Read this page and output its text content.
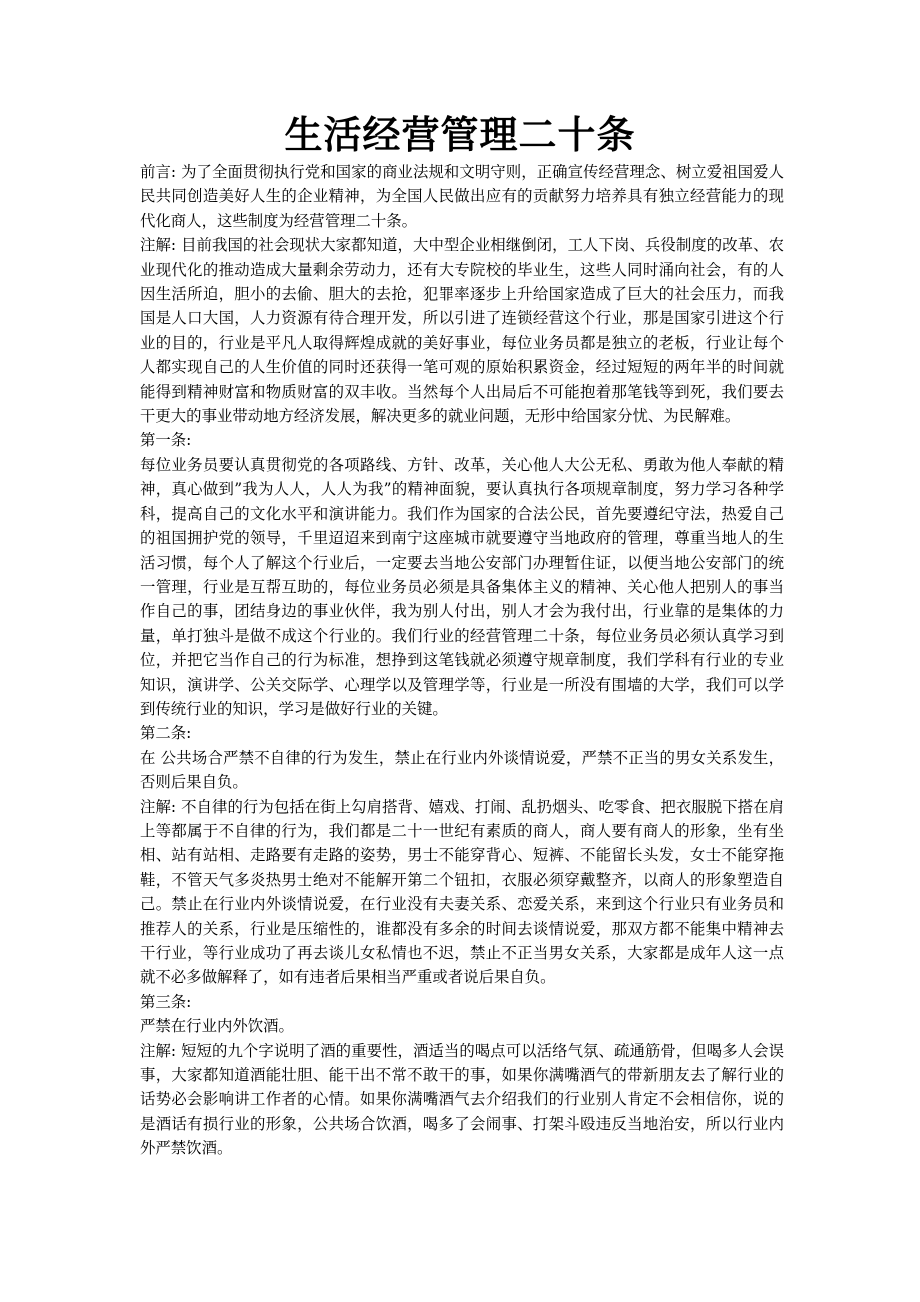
生活经营管理二十条

前言: 为了全面贯彻执行党和国家的商业法规和文明守则，正确宣传经营理念、树立爱祖国爱人民共同创造美好人生的企业精神，为全国人民做出应有的贡献努力培养具有独立经营能力的现代化商人，这些制度为经营管理二十条。

注解: 目前我国的社会现状大家都知道，大中型企业相继倒闭，工人下岗、兵役制度的改革、农业现代化的推动造成大量剩余劳动力，还有大专院校的毕业生，这些人同时涌向社会，有的人因生活所迫，胆小的去偷、胆大的去抢，犯罪率逐步上升给国家造成了巨大的社会压力，而我国是人口大国，人力资源有待合理开发，所以引进了连锁经营这个行业，那是国家引进这个行业的目的，行业是平凡人取得辉煌成就的美好事业，每位业务员都是独立的老板，行业让每个人都实现自己的人生价值的同时还获得一笔可观的原始积累资金，经过短短的两年半的时间就能得到精神财富和物质财富的双丰收。当然每个人出局后不可能抱着那笔钱等到死，我们要去干更大的事业带动地方经济发展，解决更多的就业问题，无形中给国家分忧、为民解难。

第一条:

每位业务员要认真贯彻党的各项路线、方针、改革，关心他人大公无私、勇敢为他人奉献的精神，真心做到”我为人人，人人为我”的精神面貌，要认真执行各项规章制度，努力学习各种学科，提高自己的文化水平和演讲能力。我们作为国家的合法公民，首先要遵纪守法，热爱自己的祖国拥护党的领导，千里迢迢来到南宁这座城市就要遵守当地政府的管理，尊重当地人的生活习惯，每个人了解这个行业后，一定要去当地公安部门办理暂住证，以便当地公安部门的统一管理，行业是互帮互助的，每位业务员必须是具备集体主义的精神、关心他人把别人的事当作自己的事，团结身边的事业伙伴，我为别人付出，别人才会为我付出，行业靠的是集体的力量，单打独斗是做不成这个行业的。我们行业的经营管理二十条，每位业务员必须认真学习到位，并把它当作自己的行为标准，想挣到这笔钱就必须遵守规章制度，我们学科有行业的专业知识，演讲学、公关交际学、心理学以及管理学等，行业是一所没有围墙的大学，我们可以学到传统行业的知识，学习是做好行业的关键。

第二条:

在 公共场合严禁不自律的行为发生，禁止在行业内外谈情说爱，严禁不正当的男女关系发生，否则后果自负。

注解: 不自律的行为包括在街上勾肩搭背、嬉戏、打闹、乱扔烟头、吃零食、把衣服脱下搭在肩上等都属于不自律的行为，我们都是二十一世纪有素质的商人，商人要有商人的形象，坐有坐相、站有站相、走路要有走路的姿势，男士不能穿背心、短裤、不能留长头发，女士不能穿拖鞋，不管天气多炎热男士绝对不能解开第二个钮扣，衣服必须穿戴整齐，以商人的形象塑造自己。禁止在行业内外谈情说爱，在行业没有夫妻关系、恋爱关系，来到这个行业只有业务员和推荐人的关系，行业是压缩性的，谁都没有多余的时间去谈情说爱，那双方都不能集中精神去干行业，等行业成功了再去谈儿女私情也不迟，禁止不正当男女关系，大家都是成年人这一点就不必多做解释了，如有违者后果相当严重或者说后果自负。

第三条:

严禁在行业内外饮酒。

注解: 短短的九个字说明了酒的重要性，酒适当的喝点可以活络气氛、疏通筋骨，但喝多人会误事，大家都知道酒能壮胆、能干出不常不敢干的事，如果你满嘴酒气的带新朋友去了解行业的话势必会影响讲工作者的心情。如果你满嘴酒气去介绍我们的行业别人肯定不会相信你，说的是酒话有损行业的形象，公共场合饮酒，喝多了会闹事、打架斗殴违反当地治安，所以行业内外严禁饮酒。
